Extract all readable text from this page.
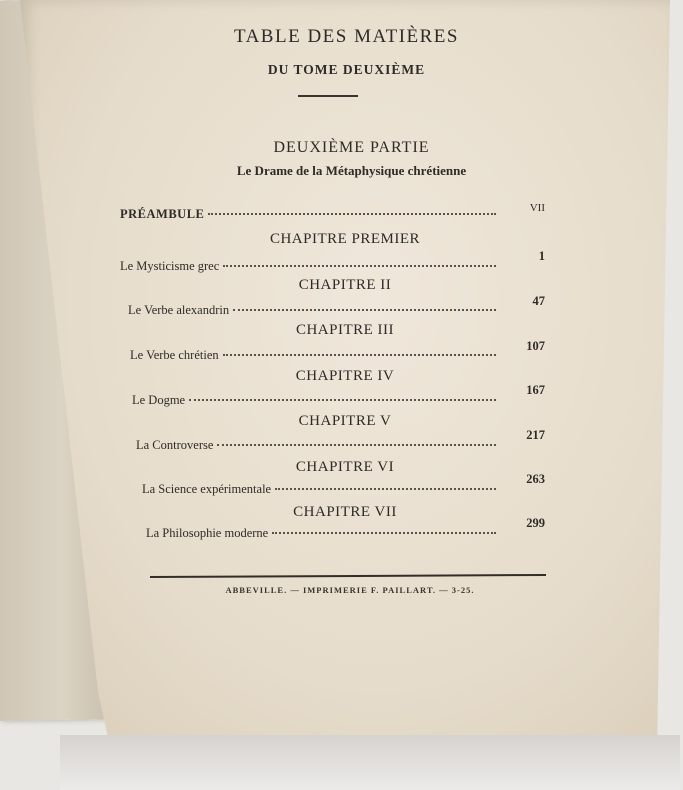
TABLE DES MATIÈRES
DU TOME DEUXIÈME
DEUXIÈME PARTIE
Le Drame de la Métaphysique chrétienne
PRÉAMBULE	VII
CHAPITRE PREMIER
Le Mysticisme grec
1
CHAPITRE II
Le Verbe alexandrin
47
CHAPITRE III
Le Verbe chrétien
107
CHAPITRE IV
Le Dogme
167
CHAPITRE V
La Controverse
217
CHAPITRE VI
La Science expérimentale
263
CHAPITRE VII
La Philosophie moderne
299
ABBEVILLE. — IMPRIMERIE F. PAILLART. — 3-25.
